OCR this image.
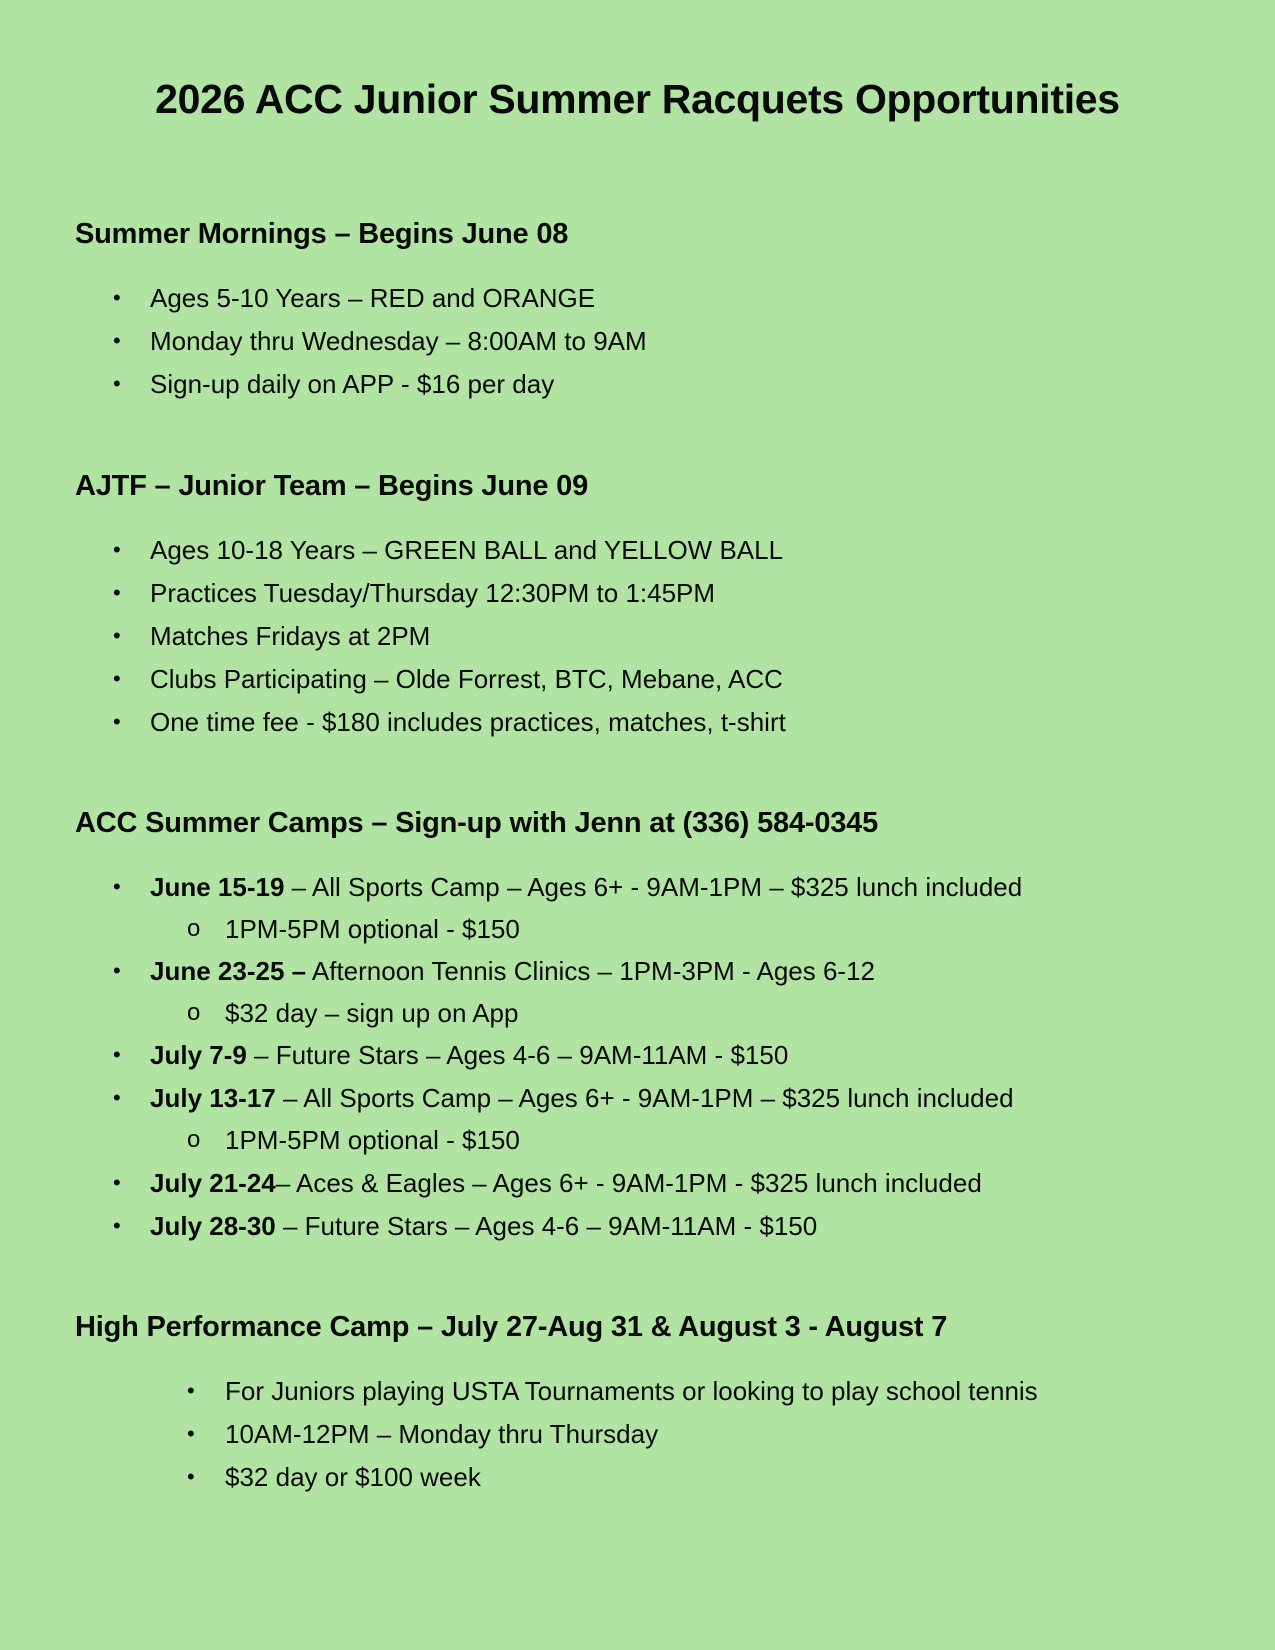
2026 ACC Junior Summer Racquets Opportunities
Summer Mornings – Begins June 08
• Ages 5-10 Years – RED and ORANGE
• Monday thru Wednesday – 8:00AM to 9AM
• Sign-up daily on APP - $16 per day
AJTF – Junior Team – Begins June 09
• Ages 10-18 Years – GREEN BALL and YELLOW BALL
• Practices Tuesday/Thursday 12:30PM to 1:45PM
• Matches Fridays at 2PM
• Clubs Participating – Olde Forrest, BTC, Mebane, ACC
• One time fee - $180 includes practices, matches, t-shirt
ACC Summer Camps – Sign-up with Jenn at (336) 584-0345
• June 15-19 – All Sports Camp – Ages 6+ - 9AM-1PM – $325 lunch included
o 1PM-5PM optional - $150
• June 23-25 – Afternoon Tennis Clinics – 1PM-3PM - Ages 6-12
o $32 day – sign up on App
• July 7-9 – Future Stars – Ages 4-6 – 9AM-11AM - $150
• July 13-17 – All Sports Camp – Ages 6+ - 9AM-1PM – $325 lunch included
o 1PM-5PM optional - $150
• July 21-24– Aces & Eagles – Ages 6+ - 9AM-1PM - $325 lunch included
• July 28-30 – Future Stars – Ages 4-6 – 9AM-11AM - $150
High Performance Camp – July 27-Aug 31 & August 3 - August 7
• For Juniors playing USTA Tournaments or looking to play school tennis
• 10AM-12PM – Monday thru Thursday
• $32 day or $100 week
